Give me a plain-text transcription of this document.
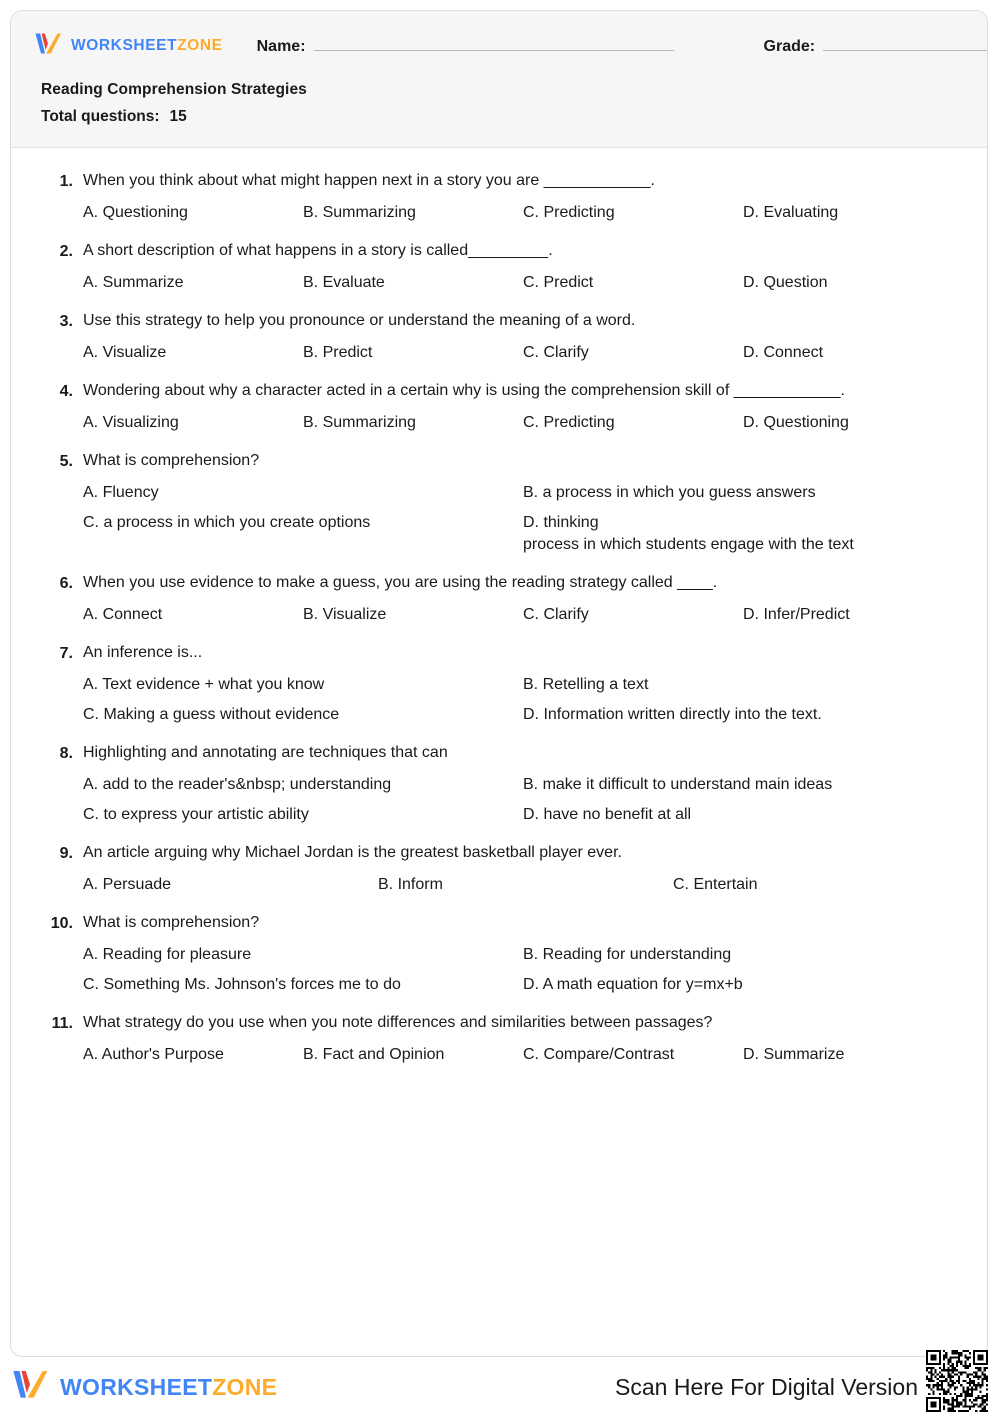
WORKSHEETZONE Name:	Grade:
Reading Comprehension Strategies
Total questions: 15
1. When you think about what might happen next in a story you are ____________.
A. Questioning	B. Summarizing	C. Predicting	D. Evaluating
2. A short description of what happens in a story is called_________.
A. Summarize	B. Evaluate	C. Predict	D. Question
3. Use this strategy to help you pronounce or understand the meaning of a word.
A. Visualize	B. Predict	C. Clarify	D. Connect
4. Wondering about why a character acted in a certain why is using the comprehension skill of ____________.
A. Visualizing	B. Summarizing	C. Predicting	D. Questioning
5. What is comprehension?
A. Fluency	B. a process in which you guess answers
C. a process in which you create options	D. thinking
process in which students engage with the text
6. When you use evidence to make a guess, you are using the reading strategy called ____.
A. Connect	B. Visualize	C. Clarify	D. Infer/Predict
7. An inference is...
A. Text evidence + what you know	B. Retelling a text
C. Making a guess without evidence	D. Information written directly into the text.
8. Highlighting and annotating are techniques that can
A. add to the reader's&nbsp; understanding	B. make it difficult to understand main ideas
C. to express your artistic ability	D. have no benefit at all
9. An article arguing why Michael Jordan is the greatest basketball player ever.
A. Persuade	B. Inform	C. Entertain
10. What is comprehension?
A. Reading for pleasure	B. Reading for understanding
C. Something Ms. Johnson's forces me to do	D. A math equation for y=mx+b
11. What strategy do you use when you note differences and similarities between passages?
A. Author's Purpose	B. Fact and Opinion	C. Compare/Contrast	D. Summarize
WORKSHEETZONE	Scan Here For Digital Version
